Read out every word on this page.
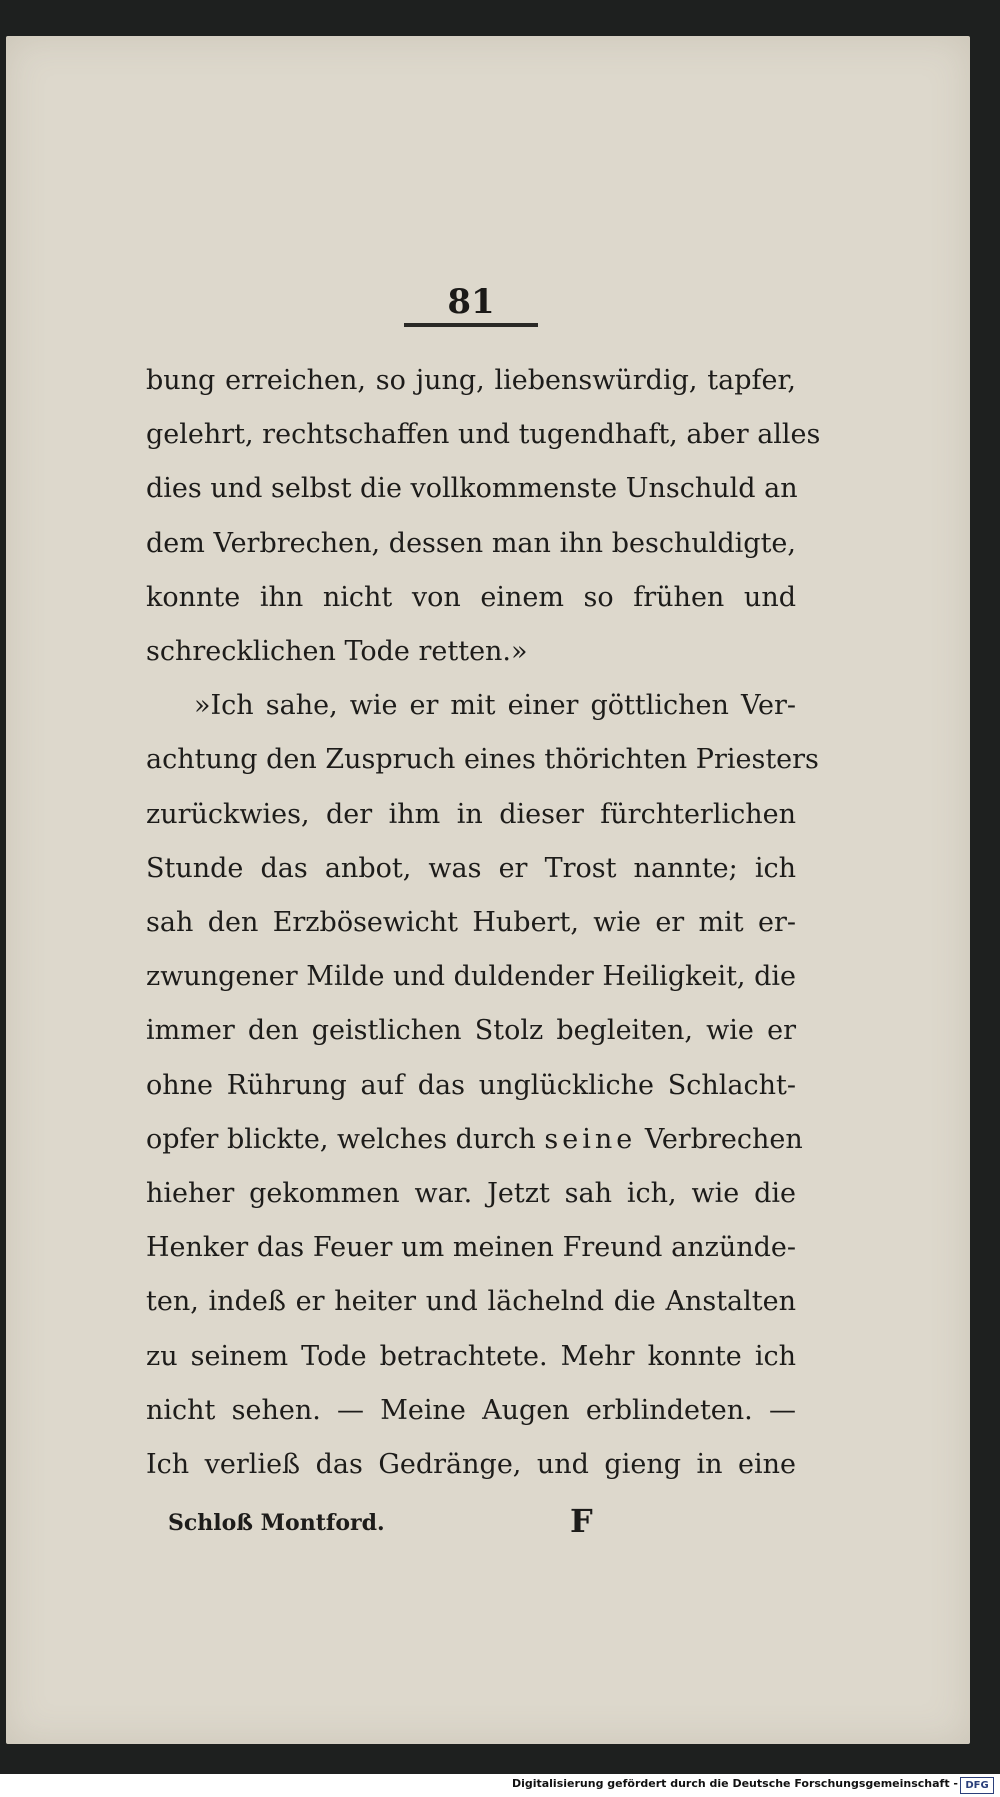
81
bung erreichen, so jung, liebenswürdig, tapfer,
gelehrt, rechtschaffen und tugendhaft, aber alles
dies und selbst die vollkommenste Unschuld an
dem Verbrechen, dessen man ihn beschuldigte,
konnte ihn nicht von einem so frühen und
schrecklichen Tode retten.»
»Ich sahe, wie er mit einer göttlichen Ver-
achtung den Zuspruch eines thörichten Priesters
zurückwies, der ihm in dieser fürchterlichen
Stunde das anbot, was er Trost nannte; ich
sah den Erzbösewicht Hubert, wie er mit er-
zwungener Milde und duldender Heiligkeit, die
immer den geistlichen Stolz begleiten, wie er
ohne Rührung auf das unglückliche Schlacht-
opfer blickte, welches durch seine Verbrechen
hieher gekommen war. Jetzt sah ich, wie die
Henker das Feuer um meinen Freund anzünde-
ten, indeß er heiter und lächelnd die Anstalten
zu seinem Tode betrachtete. Mehr konnte ich
nicht sehen. — Meine Augen erblindeten. —
Ich verließ das Gedränge, und gieng in eine
Schloß Montford.	F
Digitalisierung gefördert durch die Deutsche Forschungsgemeinschaft - DFG
